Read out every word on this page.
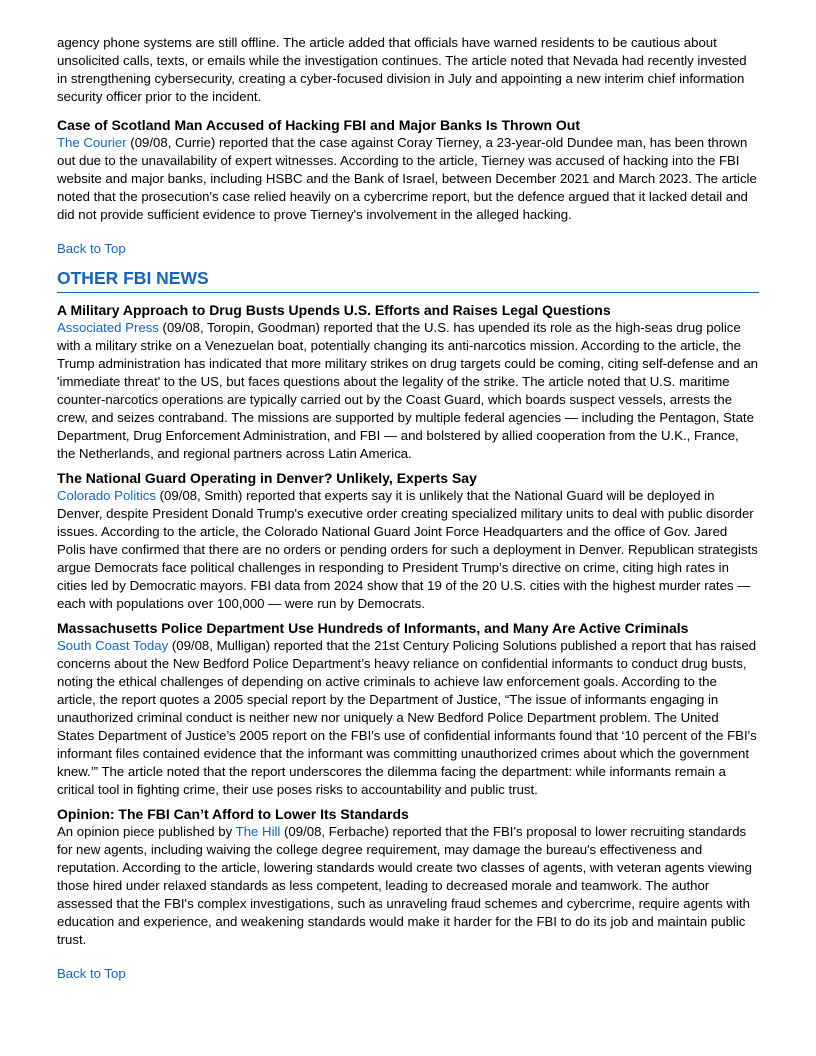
agency phone systems are still offline. The article added that officials have warned residents to be cautious about unsolicited calls, texts, or emails while the investigation continues. The article noted that Nevada had recently invested in strengthening cybersecurity, creating a cyber-focused division in July and appointing a new interim chief information security officer prior to the incident.

Case of Scotland Man Accused of Hacking FBI and Major Banks Is Thrown Out

The Courier (09/08, Currie) reported that the case against Coray Tierney, a 23-year-old Dundee man, has been thrown out due to the unavailability of expert witnesses. According to the article, Tierney was accused of hacking into the FBI website and major banks, including HSBC and the Bank of Israel, between December 2021 and March 2023. The article noted that the prosecution's case relied heavily on a cybercrime report, but the defence argued that it lacked detail and did not provide sufficient evidence to prove Tierney's involvement in the alleged hacking.

Back to Top
OTHER FBI NEWS
A Military Approach to Drug Busts Upends U.S. Efforts and Raises Legal Questions

Associated Press (09/08, Toropin, Goodman) reported that the U.S. has upended its role as the high-seas drug police with a military strike on a Venezuelan boat, potentially changing its anti-narcotics mission. According to the article, the Trump administration has indicated that more military strikes on drug targets could be coming, citing self-defense and an 'immediate threat' to the US, but faces questions about the legality of the strike. The article noted that U.S. maritime counter-narcotics operations are typically carried out by the Coast Guard, which boards suspect vessels, arrests the crew, and seizes contraband. The missions are supported by multiple federal agencies — including the Pentagon, State Department, Drug Enforcement Administration, and FBI — and bolstered by allied cooperation from the U.K., France, the Netherlands, and regional partners across Latin America.

The National Guard Operating in Denver? Unlikely, Experts Say

Colorado Politics (09/08, Smith) reported that experts say it is unlikely that the National Guard will be deployed in Denver, despite President Donald Trump's executive order creating specialized military units to deal with public disorder issues. According to the article, the Colorado National Guard Joint Force Headquarters and the office of Gov. Jared Polis have confirmed that there are no orders or pending orders for such a deployment in Denver. Republican strategists argue Democrats face political challenges in responding to President Trump’s directive on crime, citing high rates in cities led by Democratic mayors. FBI data from 2024 show that 19 of the 20 U.S. cities with the highest murder rates — each with populations over 100,000 — were run by Democrats.

Massachusetts Police Department Use Hundreds of Informants, and Many Are Active Criminals

South Coast Today (09/08, Mulligan) reported that the 21st Century Policing Solutions published a report that has raised concerns about the New Bedford Police Department’s heavy reliance on confidential informants to conduct drug busts, noting the ethical challenges of depending on active criminals to achieve law enforcement goals. According to the article, the report quotes a 2005 special report by the Department of Justice, “The issue of informants engaging in unauthorized criminal conduct is neither new nor uniquely a New Bedford Police Department problem. The United States Department of Justice’s 2005 report on the FBI's use of confidential informants found that ‘10 percent of the FBI's informant files contained evidence that the informant was committing unauthorized crimes about which the government knew.’” The article noted that the report underscores the dilemma facing the department: while informants remain a critical tool in fighting crime, their use poses risks to accountability and public trust.

Opinion: The FBI Can’t Afford to Lower Its Standards

An opinion piece published by The Hill (09/08, Ferbache) reported that the FBI's proposal to lower recruiting standards for new agents, including waiving the college degree requirement, may damage the bureau's effectiveness and reputation. According to the article, lowering standards would create two classes of agents, with veteran agents viewing those hired under relaxed standards as less competent, leading to decreased morale and teamwork. The author assessed that the FBI's complex investigations, such as unraveling fraud schemes and cybercrime, require agents with education and experience, and weakening standards would make it harder for the FBI to do its job and maintain public trust.

Back to Top
